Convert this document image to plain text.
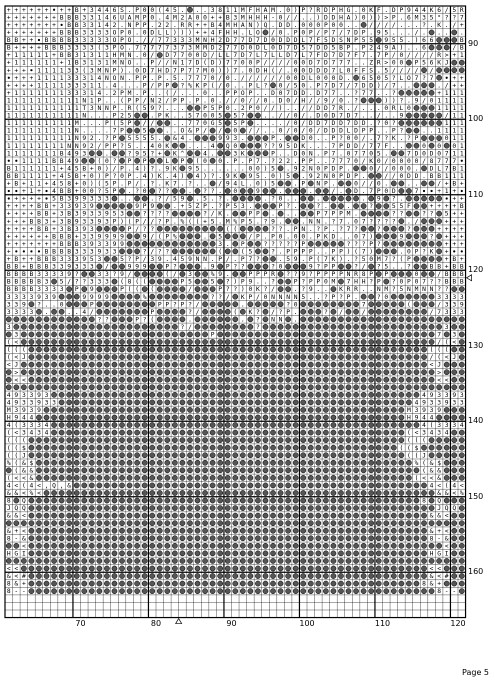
+ + + + + + + + B + 3 4 4 6 S . P 0 0 ( 4 5 . . . 3 8 1 1 M F H A M . 0 ) P ? R D P H G . 0 K F . D P 9 4 4 K 6 / 5 R
+ + + + + + + B B B 3 3 1 4 6 U A M P 0 . 4 M 2 A 0 0 + + B 3 M H H H - 0 / / . . ) D D H A ) 0 ) ) > P . 6 M 3 5 ° ? ? 7
+ + + + + + + B B 3 3 1 4 2 . N P P . 2 2 . R R + + B 4 M H A N ) Q . D D . 0 0 0 P 0 0 . . / / / / . . . ? . K . / +
+ + + + + + + B B B 3 3 3 3 O P 0 . 0 D L L ) ) ) + + 4 F H H . L O / 0 . P 0 P / P 7 / 7 D P . 9 5 . . . / . . . .
B B + + B B B B 3 3 3 3 3 O P O . / / 7 7 3 3 3 M N H 2 D 7 7 D 7 D 0 D D D L 7 F 5 D S N P 5 5 9 5 5 . ) 6 6	B
B + + + + B B B 3 3 3 3 ( 3 P O . 7 7 7 7 7 3 7 3 M M D 2 7 7 D 0 D L 0 D 7 D 5 7 D D 5 B P . P 2 4 9 A ) . . 6	/ B
+ 1 1 1 1 1 + B B 3 1 3 1 1 H M N . 0 / D 7 7 0 0 D / L L 7 D 7 L 7 L L D 7 L 7 F D 7 D 7 F 7 . 7 P / 0 / / / / R > + 1
+ 1 1 1 1 1 1 + 1 B 3 1 3 1 M N O . . P / / N 1 7 D ( D ) 7 7 0 0 P / / / / 0 0 D 7 D 7 7 7 . . Z R > 0 0 P 5 6 K J
+ + + 1 1 1 1 3 3 ( 3 M N P ) . 0 D 7 H D 7 P 7 7 M 0 ) ) 7 . 0 D H ( / . 0 0 D D D 7 L 0 F F S . 5 / / / / /
+ + + 1 1 1 1 3 3 3 1 4 N O N . P P . P . 5 . 7 7 7 0 / 0 . / / / / / / 0 0 D L 0 0 0 D . 6 5 0 5 ? L O 7 ? 7	+ +
+ + + + 1 1 1 1 3 3 3 1 1 . 4 . . . P / P P ? % K P ( / 0 . . P L ? 0 / 5 0 . P 7 D 7 / 7 D D ) / 7 . .	. / + +
+ 1 1 1 1 1 1 1 3 3 3 1 4 . 2 P M . P . . ( / . . . 0 . . P P O P . . D 0 7 D D . D 7 7 . . ? 7 7 . . ?	+ 1 1 1
1 1 1 1 1 1 1 1 1 1 N 1 P . . ( P P / N 2 / P P . P . 0 . / / 0 / / 0 . D 0 / H / / 9 / 0 . ?	) ) ? . 9 / 0 1 1 1 1
1 1 1 1 1 1 1 1 1 1 T 3 N N P . R ( 5 9 ? . . .	P 5 P 0 . 2 P 0 / / ) . . / / D D 7 R . / . . . 0 R L 0	1 1 1 1
1 1 1 1 1 1 1 1 1 1 N . . . P 2 5	. P K . . 5 7 0 0 5 5 ?	. . / / 0 / . D 0 D 7 D 7 . . / . . 9	/ 1 1
1 1 1 1 1 1 1 1 1 M . . . P ( 5 P / /	. . 7 7 0 G 5 5 P . . . . / 0 / D D 7 D D 7 D D . ? 0 ?	1 1 1
1 1 1 1 1 1 1 1 1 N . . . . 7 P	5	. . O & P / / 0 / / . . 0 / 0 / 0 / D D D L D P P . . P ?	. . 1 1 1 1
1 1 1 1 1 1 1 1 1 N 9 2 . ? P 5 5 5 5 . & 4 .	9 9 3 .	P .	D 0 . . P ? 0 0 / . 7 ? K . ? P	0 1 1
1 1 1 1 1 1 1 1 N N 9 2 / P P ? 5 . . 4 0 K	. . . 4 Q 0	? ? 9 5 D K . . . 7 P D D / 7 7 F . .	0 0 0 1
1 1 1 1 1 1 1 B 4 9 3	.	? 9 5 ? + K ^	4 .	3 K	P . . D 0 N . P 7 . 0 7 7 0 5 .	7 D 0 D 0 7 1 1
1 1 1 1 B B 4 9	( 0 ? P P	L P ( 0 0 . P . P 7 . ? 2 2 . P P . . 7 7 7 0 / K 0 / 0 0 0 0 / 8 7 7 7
B 1 1 1 1 1 1 + 4 5 B + 0 ) / P . 4 ) ? . 9 K 9 5 . . . . . . 0 0 ) 5 . 9 2 N 0 P D P .	0 / / 0 0 0 . D L 7 B 1
B B 1 1 1 1 + 4 5 B + 0 ) P ? 0 P . 4 ) K . 4 ) 4 ) ? . 9 K 9 5 . 0 ) 5 . 9 2 N 0 P D P .	/ / 0 D D . B B 1 1 1
+ B + 1 1 + 4 5 8 + 0 ) ( 5 P . P / . ? . K 7 . ? . . / 9 4 L . 0 ) 5	. P N P .	0 / / 0 .	. .	/ + B +
+ 1 + 4 B B + 0 0 ? 5 P . ? 0 ? ?	. ? ? . 0	9	.	.	/ . D . 7 P 0 D	7	+ 1 +
+ + + + 5 B 3 9 9 3 3 3 . .	. ? / 5 9 . 5 . ? .	. ? 0 . .	.	. 9 ? .	+ +
+ + + + B B + 3 3 9 3 9	9 P 9	. + 5 Z P . ? P 5 3 .	P ? .	? .	.	?	5 5 F	+ + + + B
+ + + + B B + 3 B 3 9 3 3 9 5 3	? ? ? ?	? / K .	P P . . .	P 7 P P M .	? ?	? ? 5 + +
+ + + B B 3 + 3 B 9 3 3 9 3 P ) ( P / / ? P . % ( ( + 5 . M % P 5 . ? 9 .	. N N . ? 7 . 0 7 ? ? ? ? . /	+ + +
+ + + + B B + 3 B 3 9 3	P / ? ?	( (	? ? . P N . ? P . ? 7 ?	?	?	+ + + +
+ + + + + + B B B + 3 3 9 9 9 9	9 / ( P %	. 5	/ P . P 0 . 0 0 . P K D . . 0 7 )	9	? + + +
+ + + + + + + B B B 3 9 3 3 9 9	3 . P	? ? ? ? ? P	? ? ? P ?	+ + +
+	B B B B 3 3 3 9 3 3	? / ? ?	(	( 5	? . P P P P . . P P ) ( 7 )	. 0 P ? K +
+ B + + B B B 3 3 3 9 5 3	5 ? P / 3 9 . 4 5 9 N N . P / . P 7 ?	. 5 9 . P ( 7 K ) . ? 5 0 M 7 ? ( P	+ B +
B B + B B B 3 3 9 3 3 3 /	9 9 9	P ?	. 9 P ? ?	? 0	9 ? P P	? / ? 5 . . ?	B B + B B
B B B B 3 3 3 3 9 ?	3 3 ? 9 /	( / 3	% 9 .	P P P R ? ? 9 ? P P P P N R 8 P P	0	/ B B B
B B B B B 3 5 / ? ? 3 3 3 ( 8 ( (	P 5	5 ? ) P 9 . . ?	P ? P P 0 M 7 H H ? P ? 0 P 0 7 ? ? B B B
B B B B 3 3 3 3 P 9	P ( ( (	/	P ? ? ) 0 K ? /	. ? 9 . . K R R . . N M ? 5 N M N N ? ?
3 3 3 3 9 3 9	9 9 9 9	%	? ? / K P / 0 N N N N 5 . . ? P ? P .	? 0	3 3 3 3
3 3 9 ? . . 0	P	P P ? P ? /	.	? 0	7	(	/ 3 3 9
3 3 3 3 .	. . 4 /	P	? /	( K ? / ? P .	? /	/	/ 7 3 3 3
? ?	P ? (	.	. ? N N .
3	? /	?	3
3	P	7 3
( <	/ ( <
( ( (	( ( (
( < J	/ ( < J
< J	< J
>	>
< <	< <
4 9 3 3 9 3	4 9 3 3 9 3
4 9 3 3 9 3 3	4 9 3 3 9 3 3
M 3 9 3 9	M 3 9 3 9
H 9 4 4	H 9 4 4
4 ( 3 3 3 4	4 ( 3 3 3 4
( < 3 4 3 4	( < 3 4 3 4
( ( (	( ( (
( ( $	( ( $
( ( J	( ( J
% ( & $	% ( & $
( & &	( & &
( < < &	( < < &
4 < ( 4 < , Q , &	4 < ( 4 <
& & < % <	& & < %
8 Q	8 Q
J Q Q	J Q Q
& & <	& & <
& + <	& + <
8 - &	8 - &
<	<
H G I	H G I
< <	< <
& < #	& < #
8 & +	8 & +
8 - -	8 - -
90
100
110
120
130
140
150
160
70	80	90	100	110	120
Page 5
